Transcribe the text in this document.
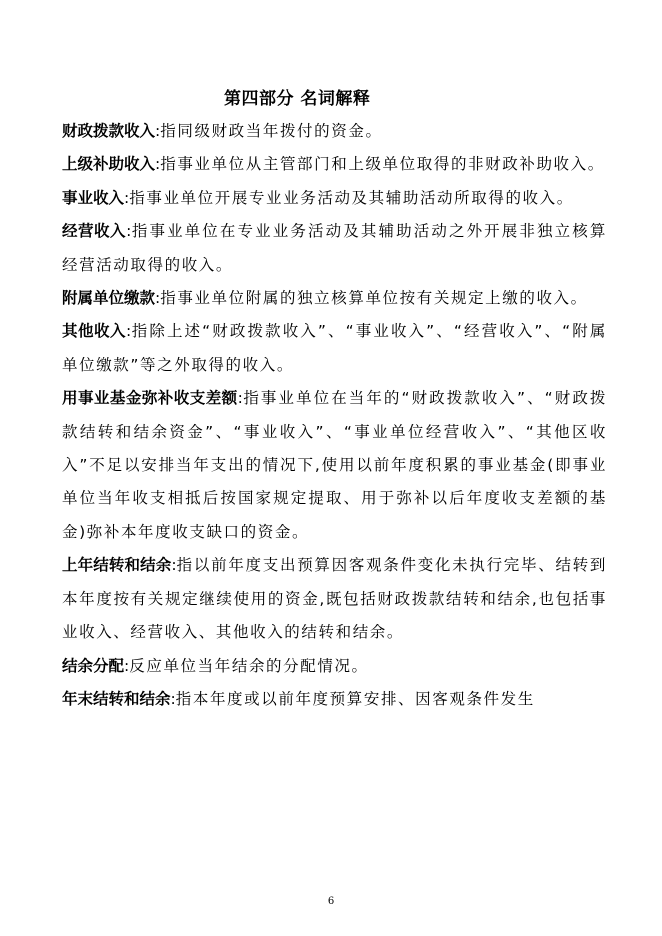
第四部分 名词解释

财政拨款收入:指同级财政当年拨付的资金。

上级补助收入:指事业单位从主管部门和上级单位取得的非财政补助收入。

事业收入:指事业单位开展专业业务活动及其辅助活动所取得的收入。

经营收入:指事业单位在专业业务活动及其辅助活动之外开展非独立核算经营活动取得的收入。

附属单位缴款:指事业单位附属的独立核算单位按有关规定上缴的收入。

其他收入:指除上述“财政拨款收入”、“事业收入”、“经营收入”、“附属单位缴款”等之外取得的收入。

用事业基金弥补收支差额:指事业单位在当年的“财政拨款收入”、“财政拨款结转和结余资金”、“事业收入”、“事业单位经营收入”、“其他区收入”不足以安排当年支出的情况下,使用以前年度积累的事业基金(即事业单位当年收支相抵后按国家规定提取、用于弥补以后年度收支差额的基金)弥补本年度收支缺口的资金。

上年结转和结余:指以前年度支出预算因客观条件变化未执行完毕、结转到本年度按有关规定继续使用的资金,既包括财政拨款结转和结余,也包括事业收入、经营收入、其他收入的结转和结余。

结余分配:反应单位当年结余的分配情况。

年末结转和结余:指本年度或以前年度预算安排、因客观条件发生

6
